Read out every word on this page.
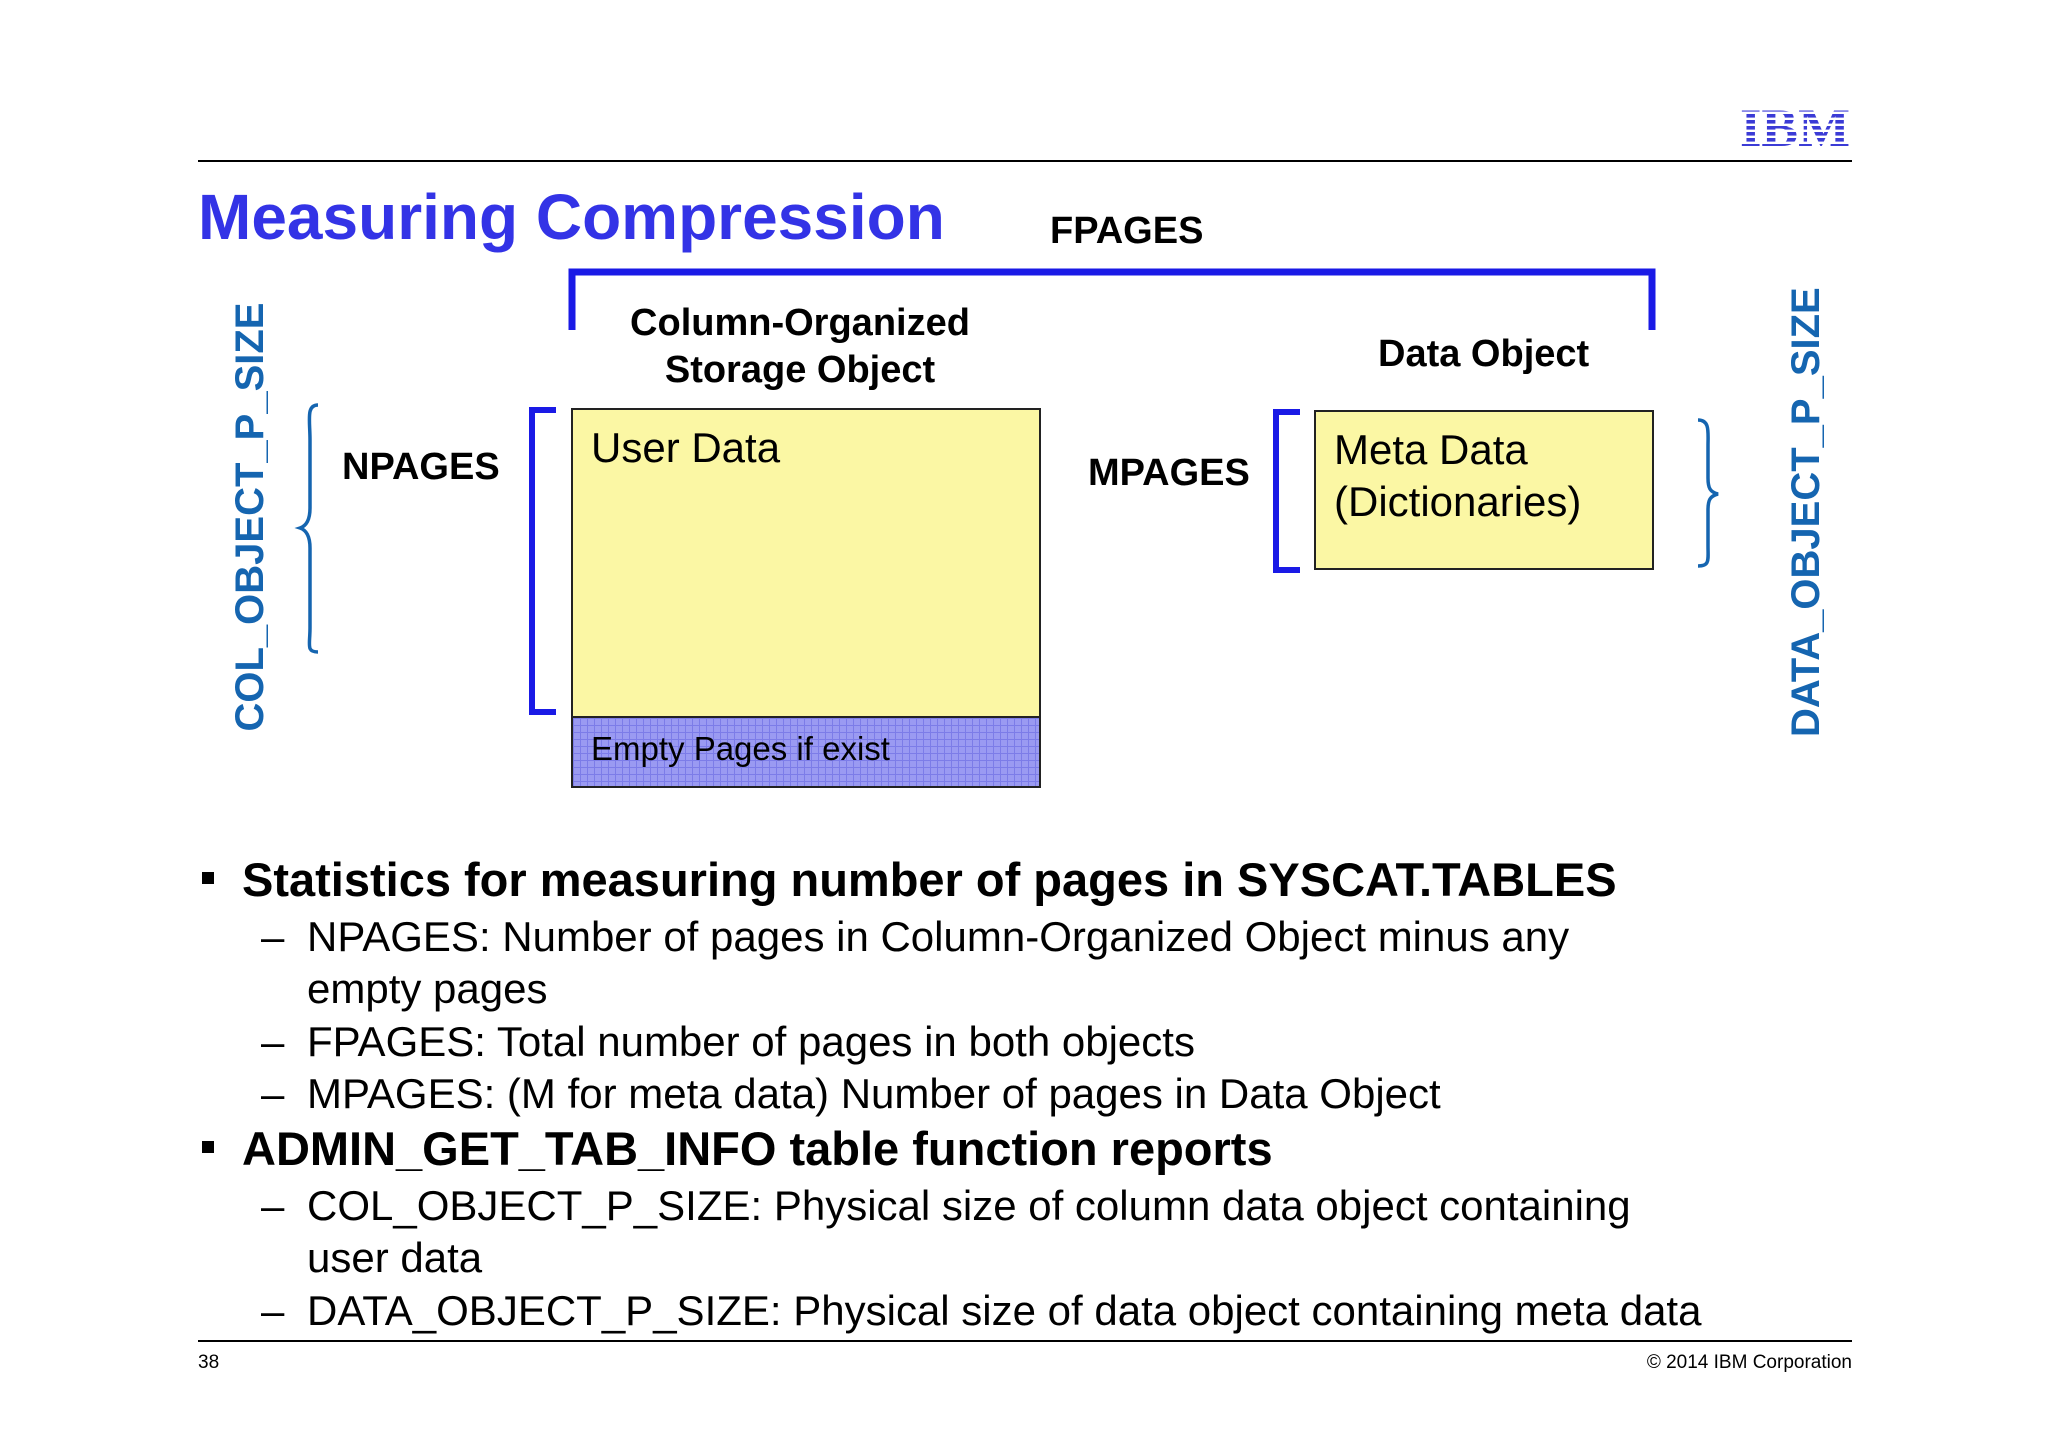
IBM
Measuring Compression	FPAGES
Column-Organized Storage Object	Data Object
NPAGES	MPAGES
COL_OBJECT_P_SIZE	DATA_OBJECT_P_SIZE
User Data
Empty Pages if exist
Meta Data
(Dictionaries)
Statistics for measuring number of pages in SYSCAT.TABLES
– NPAGES: Number of pages in Column-Organized Object minus any
empty pages
– FPAGES: Total number of pages in both objects
– MPAGES: (M for meta data) Number of pages in Data Object
ADMIN_GET_TAB_INFO table function reports
– COL_OBJECT_P_SIZE: Physical size of column data object containing
user data
– DATA_OBJECT_P_SIZE: Physical size of data object containing meta data
38	© 2014 IBM Corporation
